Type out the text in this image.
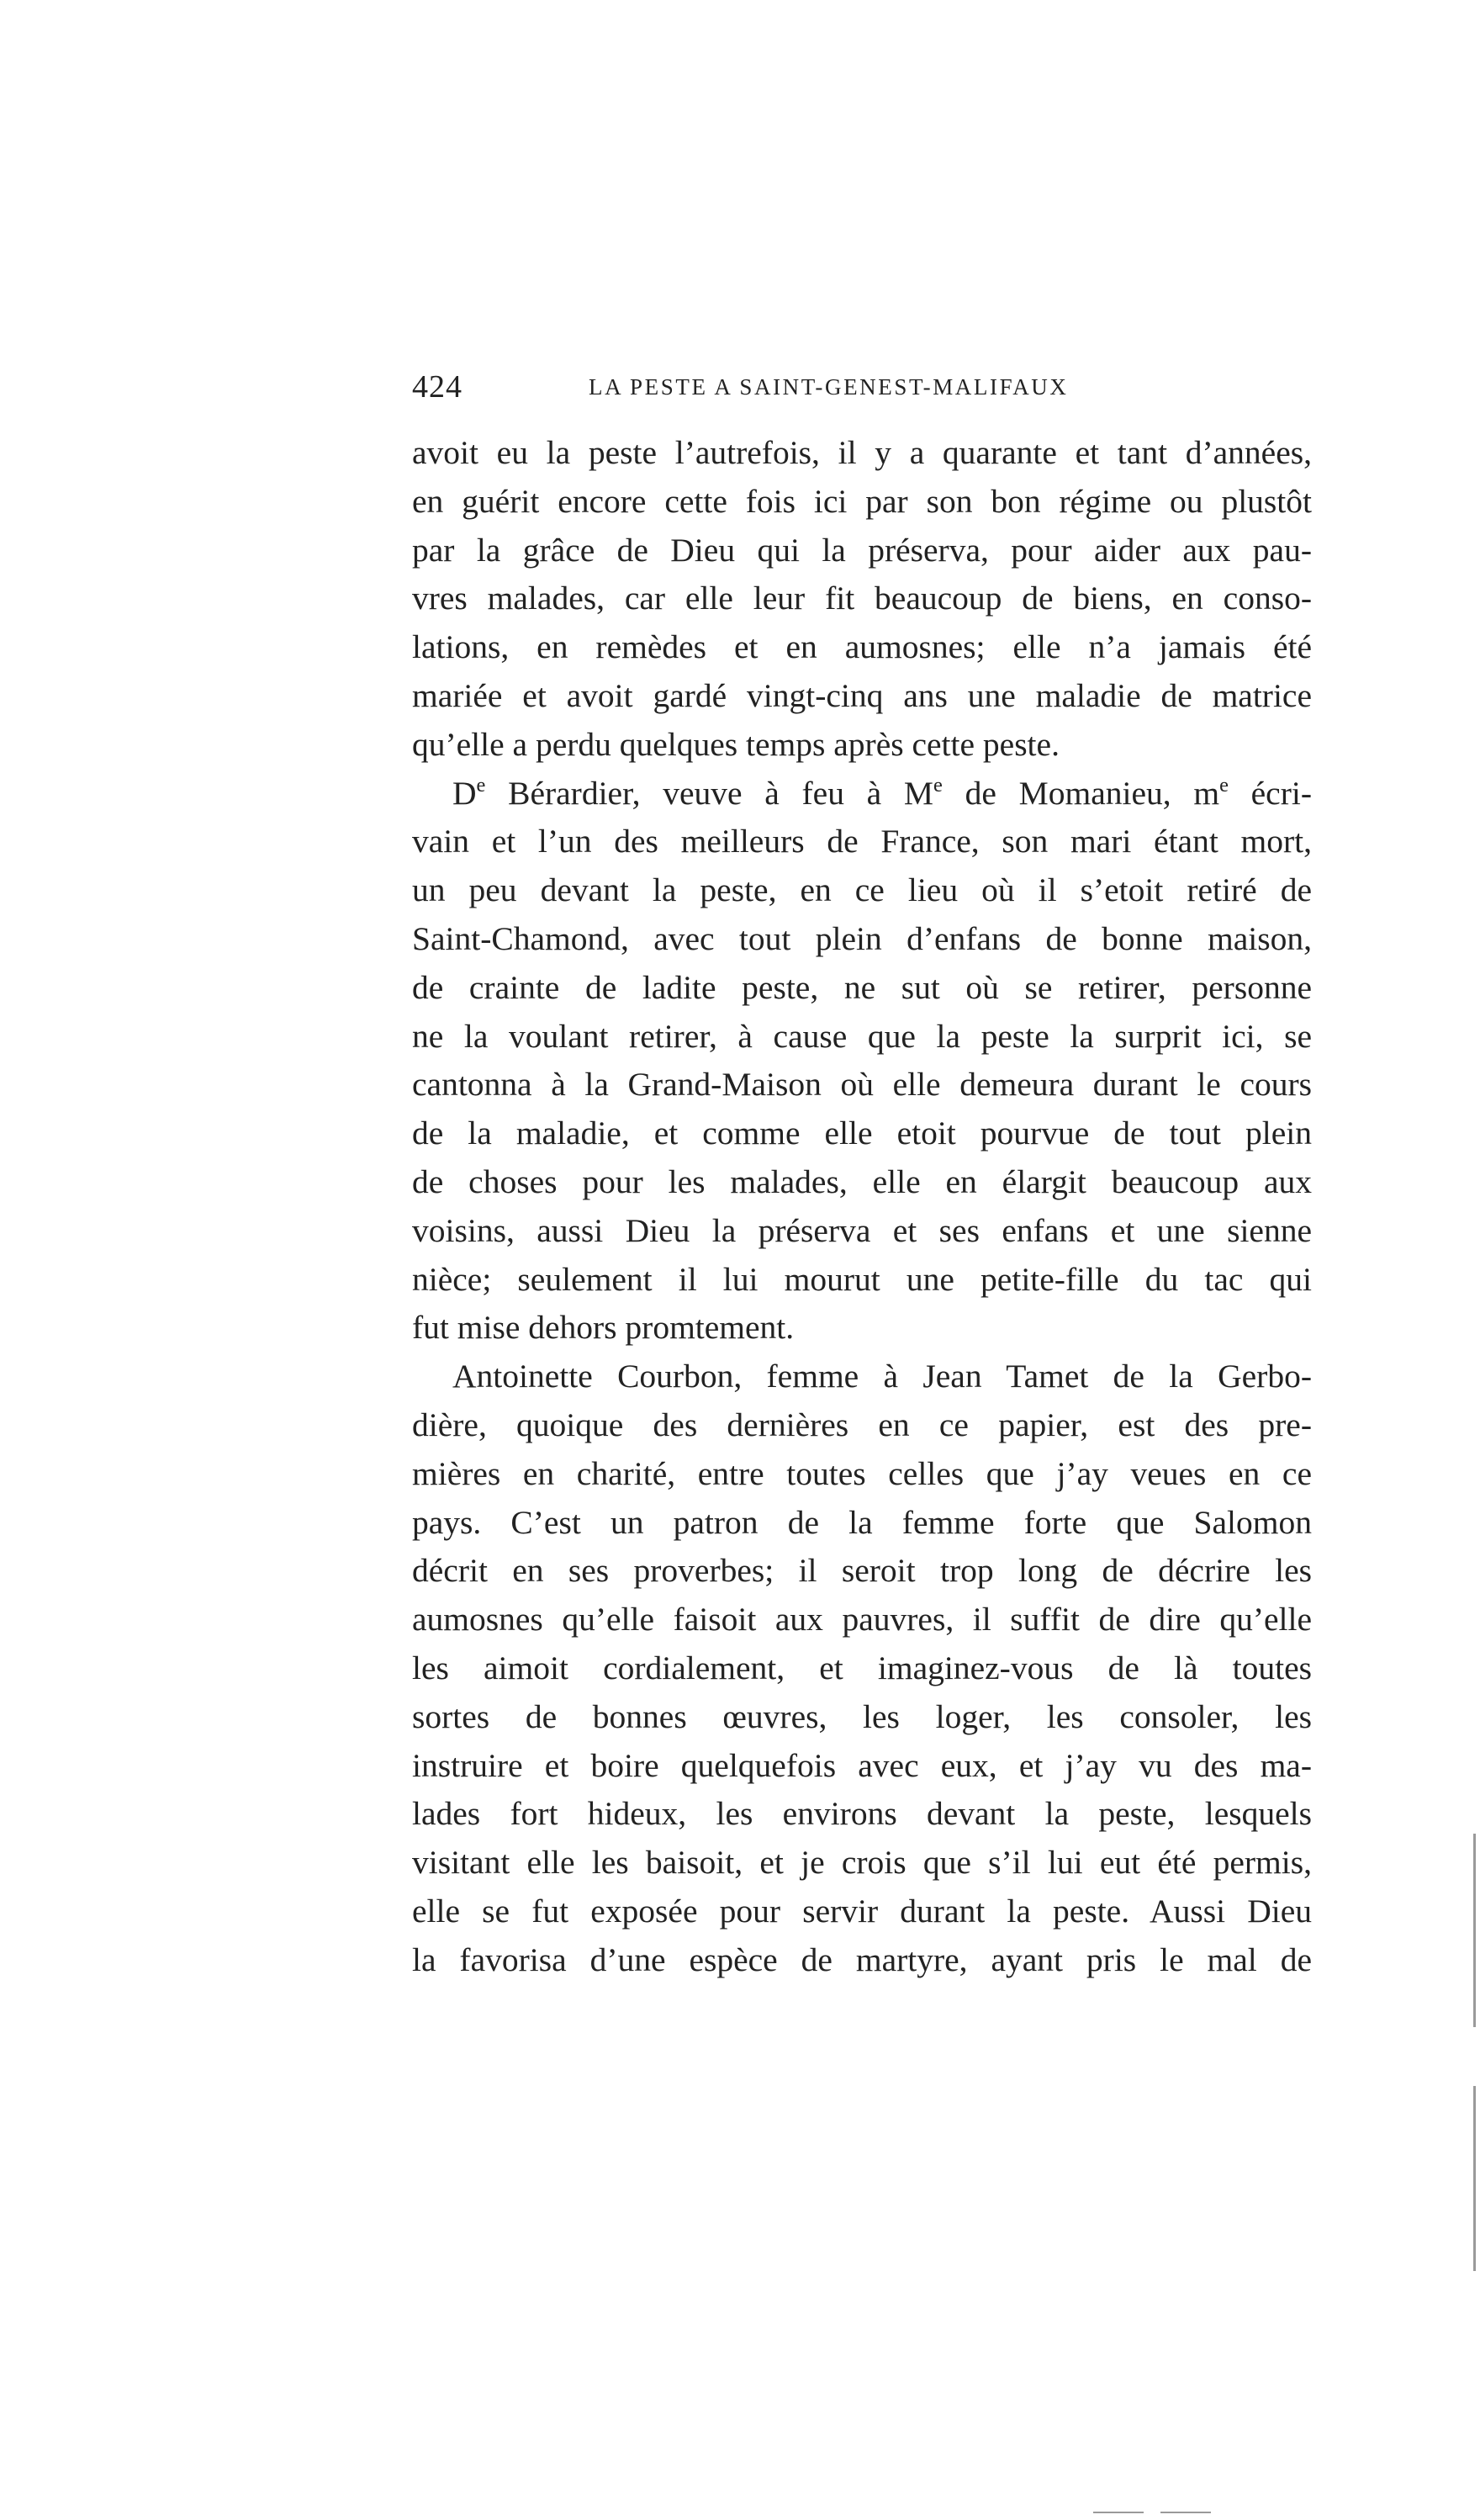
424	LA PESTE A SAINT-GENEST-MALIFAUX
avoit eu la peste l’autrefois, il y a quarante et tant d’années,
en guérit encore cette fois ici par son bon régime ou plustôt
par la grâce de Dieu qui la préserva, pour aider aux pau-
vres malades, car elle leur fit beaucoup de biens, en conso-
lations, en remèdes et en aumosnes; elle n’a jamais été
mariée et avoit gardé vingt-cinq ans une maladie de matrice
qu’elle a perdu quelques temps après cette peste.
De Bérardier, veuve à feu à Me de Momanieu, $m^e$ écri-
vain et l’un des meilleurs de France, son mari étant mort,
un peu devant la peste, en ce lieu où il s’etoit retiré de
Saint-Chamond, avec tout plein d’enfans de bonne maison,
de crainte de ladite peste, ne sut où se retirer, personne
ne la voulant retirer, à cause que la peste la surprit ici, se
cantonna à la Grand-Maison où elle demeura durant le cours
de la maladie, et comme elle etoit pourvue de tout plein
de choses pour les malades, elle en élargit beaucoup aux
voisins, aussi Dieu la préserva et ses enfans et une sienne
nièce; seulement il lui mourut une petite-fille du tac qui
fut mise dehors promtement.
Antoinette Courbon, femme à Jean Tamet de la Gerbo-
dière, quoique des dernières en ce papier, est des pre-
mières en charité, entre toutes celles que j’ay veues en ce
pays. C’est un patron de la femme forte que Salomon
décrit en ses proverbes; il seroit trop long de décrire les
aumosnes qu’elle faisoit aux pauvres, il suffit de dire qu’elle
les aimoit cordialement, et imaginez-vous de là toutes
sortes de bonnes œuvres, les loger, les consoler, les
instruire et boire quelquefois avec eux, et j’ay vu des ma-
lades fort hideux, les environs devant la peste, lesquels
visitant elle les baisoit, et je crois que s’il lui eut été permis,
elle se fut exposée pour servir durant la peste. Aussi Dieu
la favorisa d’une espèce de martyre, ayant pris le mal de
